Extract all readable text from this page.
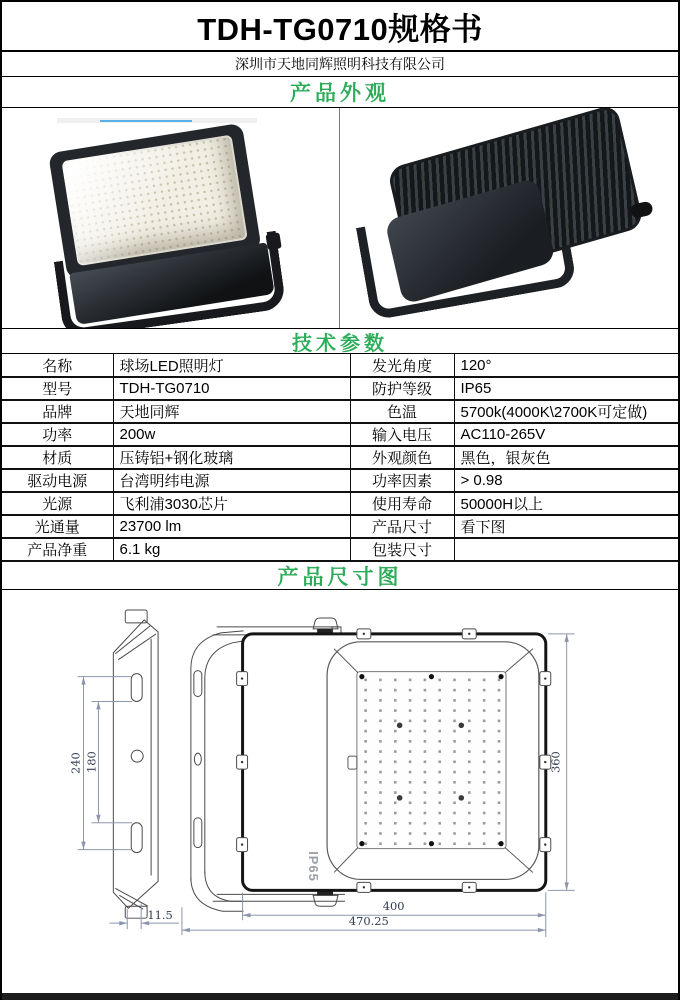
TDH-TG0710规格书
深圳市天地同辉照明科技有限公司
产品外观
技术参数
名称	球场LED照明灯	发光角度	120°
型号	TDH-TG0710	防护等级	IP65
品牌	天地同辉	色温	5700k(4000K\2700K可定做)
功率	200w	输入电压	AC110-265V
材质	压铸铝+钢化玻璃	外观颜色	黑色，银灰色
驱动电源	台湾明纬电源	功率因素	> 0.98
光源	飞利浦3030芯片	使用寿命	50000H以上
光通量	23700 lm	产品尺寸	看下图
产品净重	6.1 kg	包装尺寸	
产品尺寸图
IP65
240 180
11.5
360
400
470.25
